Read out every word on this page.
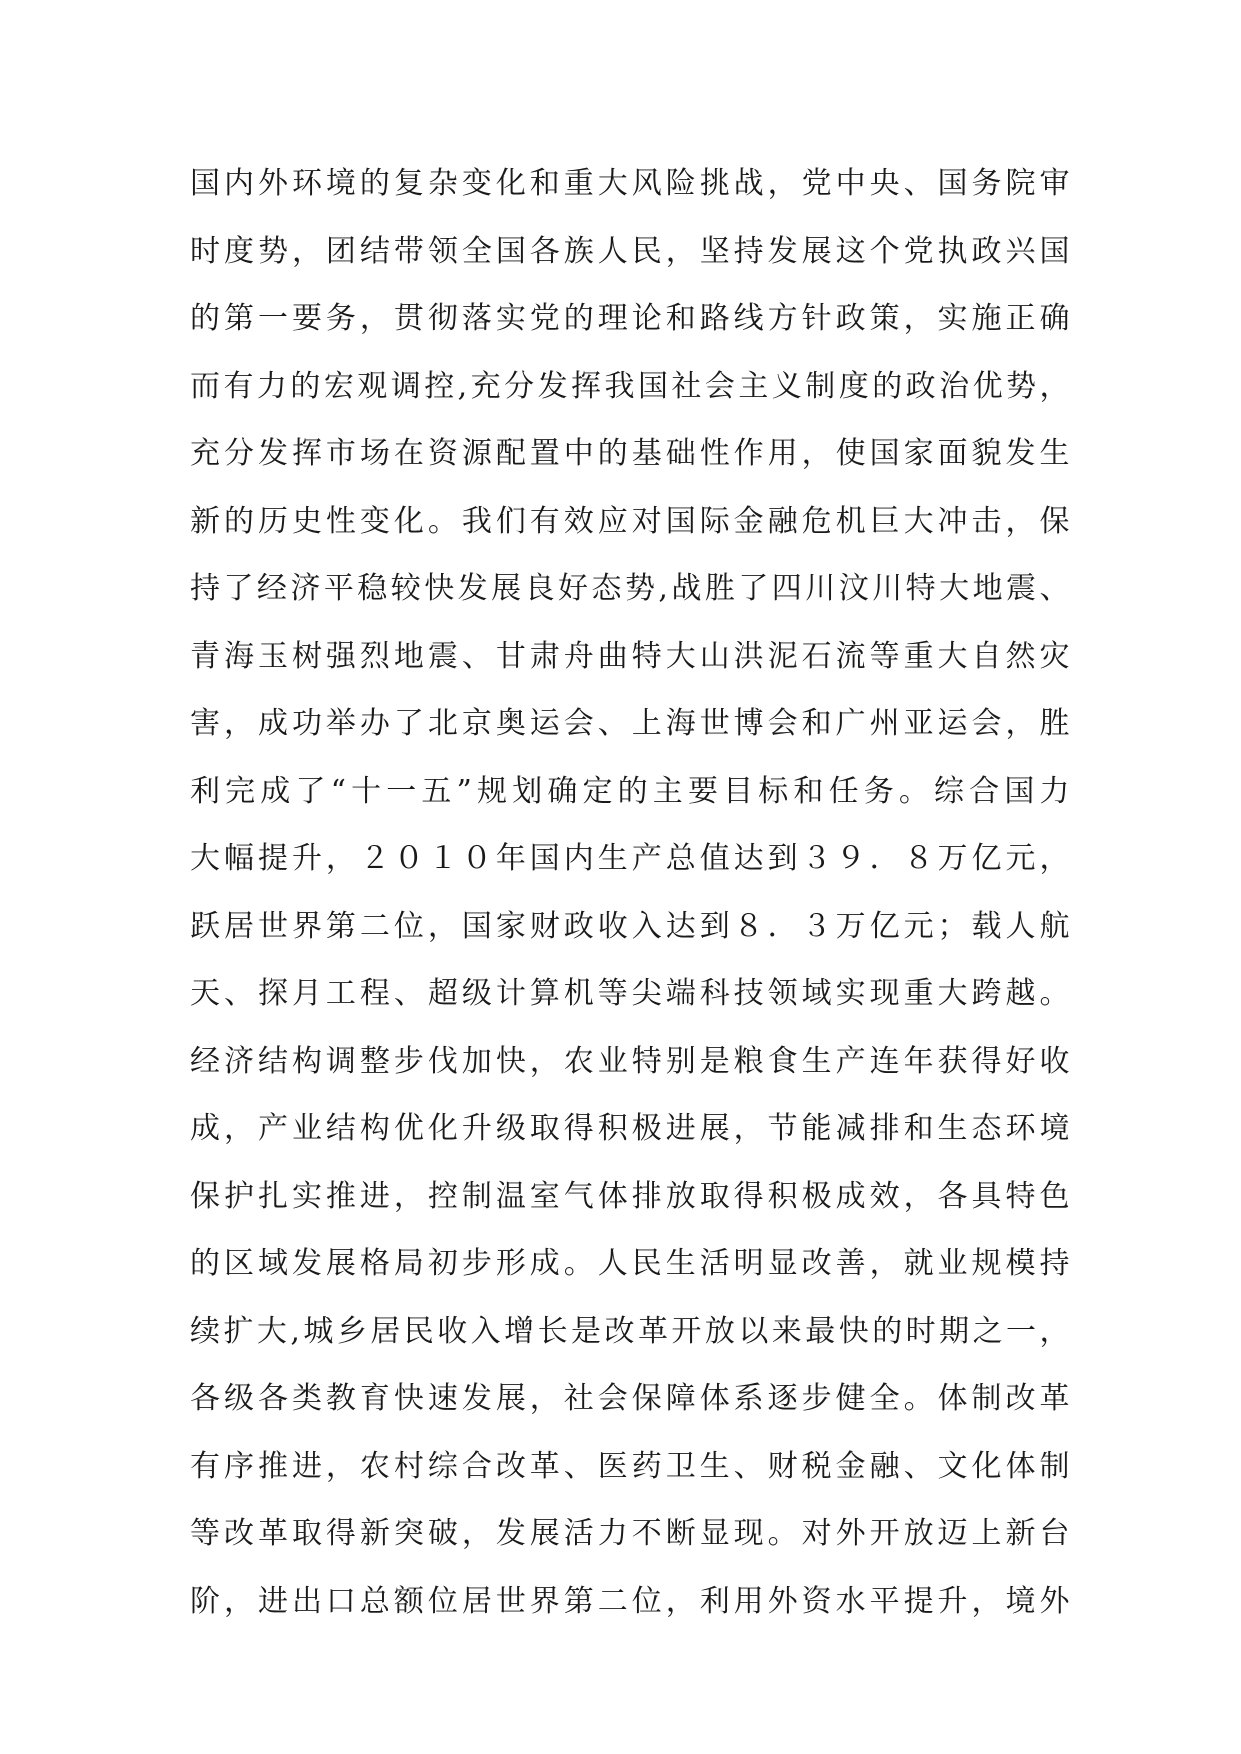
国内外环境的复杂变化和重大风险挑战，党中央、国务院审
时度势，团结带领全国各族人民，坚持发展这个党执政兴国
的第一要务，贯彻落实党的理论和路线方针政策，实施正确
而有力的宏观调控,充分发挥我国社会主义制度的政治优势，
充分发挥市场在资源配置中的基础性作用，使国家面貌发生
新的历史性变化。我们有效应对国际金融危机巨大冲击，保
持了经济平稳较快发展良好态势,战胜了四川汶川特大地震、
青海玉树强烈地震、甘肃舟曲特大山洪泥石流等重大自然灾
害，成功举办了北京奥运会、上海世博会和广州亚运会，胜
利完成了“十一五”规划确定的主要目标和任务。综合国力
大幅提升，２０１０年国内生产总值达到３９．８万亿元，
跃居世界第二位，国家财政收入达到８．３万亿元；载人航
天、探月工程、超级计算机等尖端科技领域实现重大跨越。
经济结构调整步伐加快，农业特别是粮食生产连年获得好收
成，产业结构优化升级取得积极进展，节能减排和生态环境
保护扎实推进，控制温室气体排放取得积极成效，各具特色
的区域发展格局初步形成。人民生活明显改善，就业规模持
续扩大,城乡居民收入增长是改革开放以来最快的时期之一，
各级各类教育快速发展，社会保障体系逐步健全。体制改革
有序推进，农村综合改革、医药卫生、财税金融、文化体制
等改革取得新突破，发展活力不断显现。对外开放迈上新台
阶，进出口总额位居世界第二位，利用外资水平提升，境外
